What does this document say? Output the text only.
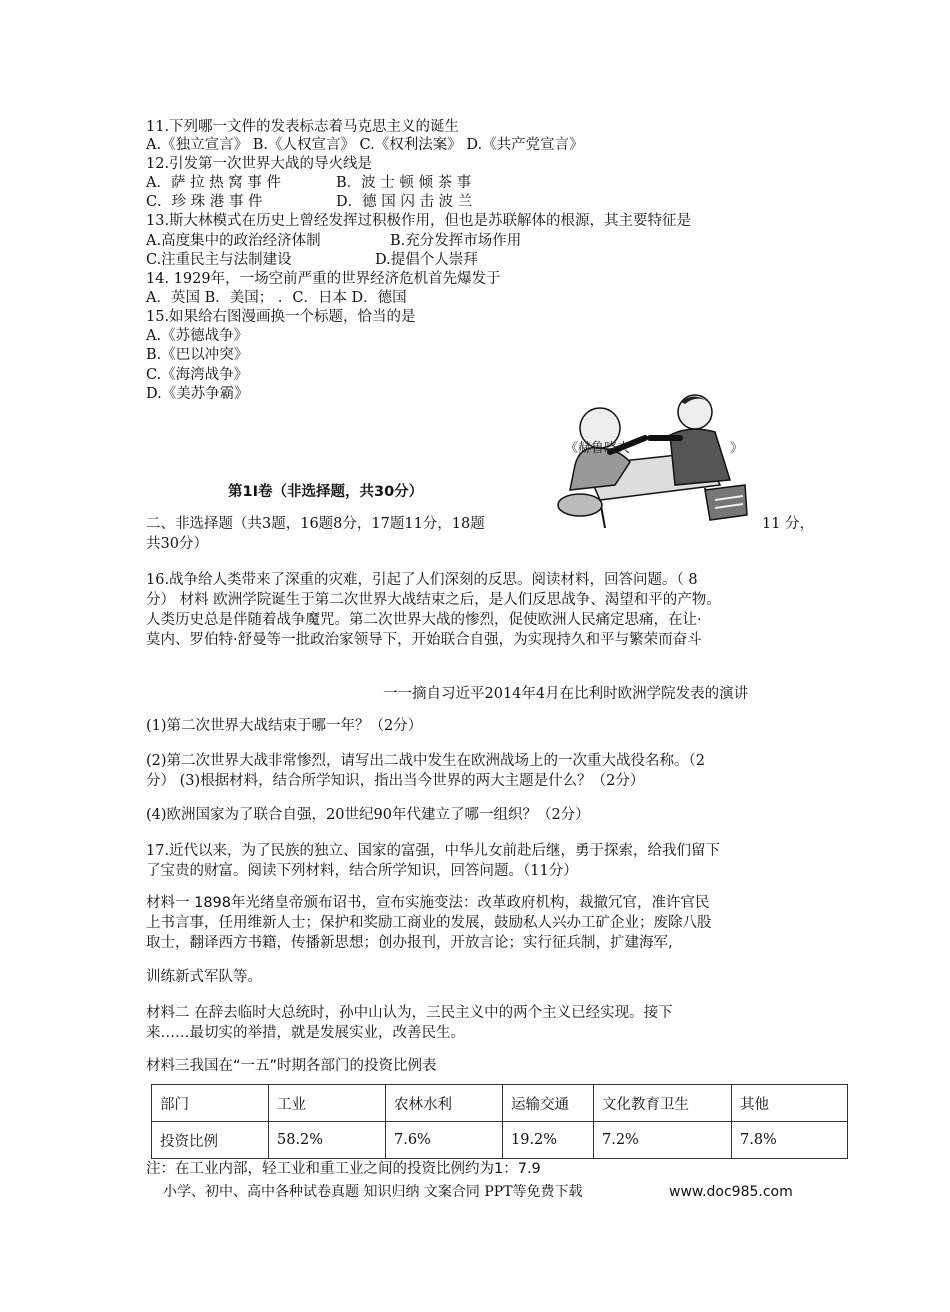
11.下列哪一文件的发表标志着马克思主义的诞生
A.《独立宣言》 B.《人权宣言》 C.《权利法案》 D.《共产党宣言》
12.引发第一次世界大战的导火线是
A．萨 拉 热 窝 事 件	B．波 士 顿 倾 茶 事
C．珍 珠 港 事 件	D．德 国 闪 击 波 兰
13.斯大林模式在历史上曾经发挥过积极作用，但也是苏联解体的根源，其主要特征是
A.高度集中的政治经济体制	B.充分发挥市场作用
C.注重民主与法制建设	D.提倡个人崇拜
14. 1929年，一场空前严重的世界经济危机首先爆发于
A．英国 B．美国； ．C．日本 D．德国
15.如果给右图漫画换一个标题，恰当的是
A.《苏德战争》
B.《巴以冲突》
C.《海湾战争》
D.《美苏争霸》
《赫鲁晓夫	》
第1I卷（非选择题，共30分）
二、非选择题（共3题，16题8分，17题11分，18题	11 分，
共30分）
16.战争给人类带来了深重的灾难，引起了人们深刻的反思。阅读材料，回答问题。（ 8
分） 材料 欧洲学院诞生于第二次世界大战结束之后，是人们反思战争、渴望和平的产物。
人类历史总是伴随着战争魔咒。第二次世界大战的惨烈，促使欧洲人民痛定思痛，在让·
莫内、罗伯特·舒曼等一批政治家领导下，开始联合自强，为实现持久和平与繁荣而奋斗
一一摘自习近平2014年4月在比利时欧洲学院发表的演讲
(1)第二次世界大战结束于哪一年？（2分）
(2)第二次世界大战非常惨烈，请写出二战中发生在欧洲战场上的一次重大战役名称。（2
分） (3)根据材料，结合所学知识，指出当今世界的两大主题是什么？（2分）
(4)欧洲国家为了联合自强，20世纪90年代建立了哪一组织？（2分）
17.近代以来，为了民族的独立、国家的富强，中华儿女前赴后继，勇于探索，给我们留下
了宝贵的财富。阅读下列材料，结合所学知识，回答问题。（11分）
材料一 1898年光绪皇帝颁布诏书，宣布实施变法：改革政府机构，裁撤冗官，准许官民
上书言事，任用维新人士；保护和奖励工商业的发展，鼓励私人兴办工矿企业；废除八股
取士，翻译西方书籍，传播新思想；创办报刊，开放言论；实行征兵制，扩建海军,
训练新式军队等。
材料二 在辞去临时大总统时，孙中山认为，三民主义中的两个主义已经实现。接下
来……最切实的举措，就是发展实业，改善民生。
材料三我国在“一五”时期各部门的投资比例表
部门	工业	农林水利	运输交通	文化教育卫生	其他
投资比例	58.2%	7.6%	19.2%	7.2%	7.8%
注：在工业内部，轻工业和重工业之间的投资比例约为1：7.9
小学、初中、高中各种试卷真题 知识归纳 文案合同 PPT等免费下载	www.doc985.com
